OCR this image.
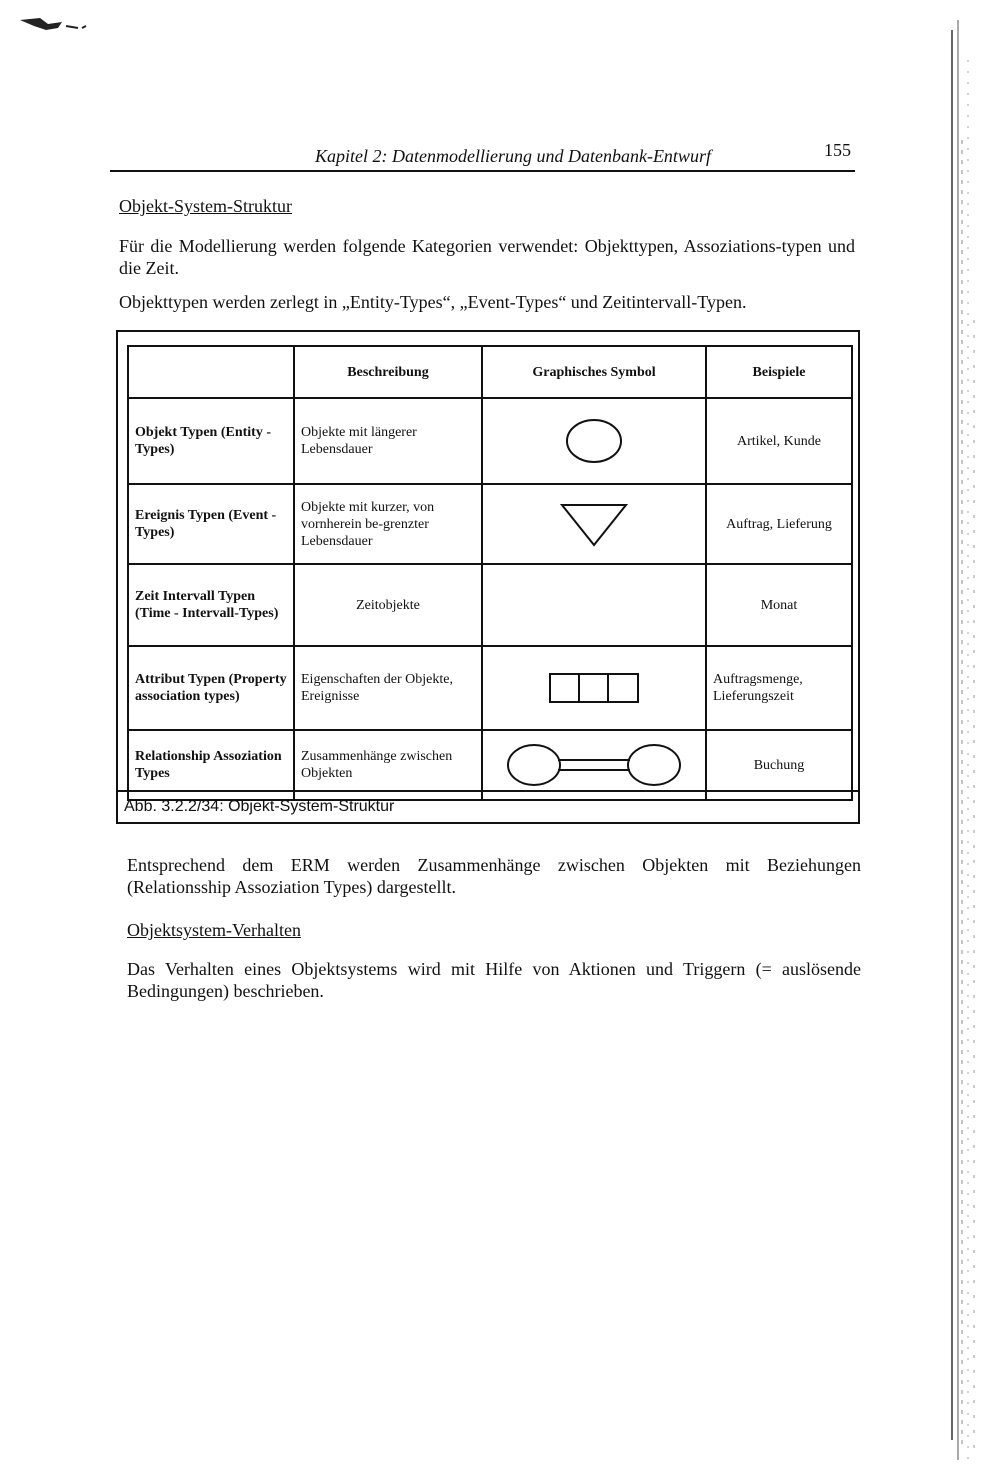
Kapitel 2: Datenmodellierung und Datenbank-Entwurf	155
Objekt-System-Struktur
Für die Modellierung werden folgende Kategorien verwendet: Objekttypen, Assoziations-typen und die Zeit.
Objekttypen werden zerlegt in „Entity-Types“, „Event-Types“ und Zeitintervall-Typen.
	Beschreibung	Graphisches Symbol	Beispiele
Objekt Typen (Entity - Types)	Objekte mit längerer Lebensdauer		Artikel, Kunde
Ereignis Typen (Event - Types)	Objekte mit kurzer, von vornherein be-grenzter Lebensdauer		Auftrag, Lieferung
Zeit Intervall Typen (Time - Intervall-Types)	Zeitobjekte		Monat
Attribut Typen (Property association types)	Eigenschaften der Objekte, Ereignisse		Auftragsmenge, Lieferungszeit
Relationship Assoziation Types	Zusammenhänge zwischen Objekten		Buchung
Abb. 3.2.2/34: Objekt-System-Struktur
Entsprechend dem ERM werden Zusammenhänge zwischen Objekten mit Beziehungen (Relationsship Assoziation Types) dargestellt.
Objektsystem-Verhalten
Das Verhalten eines Objektsystems wird mit Hilfe von Aktionen und Triggern (= auslösende Bedingungen) beschrieben.
